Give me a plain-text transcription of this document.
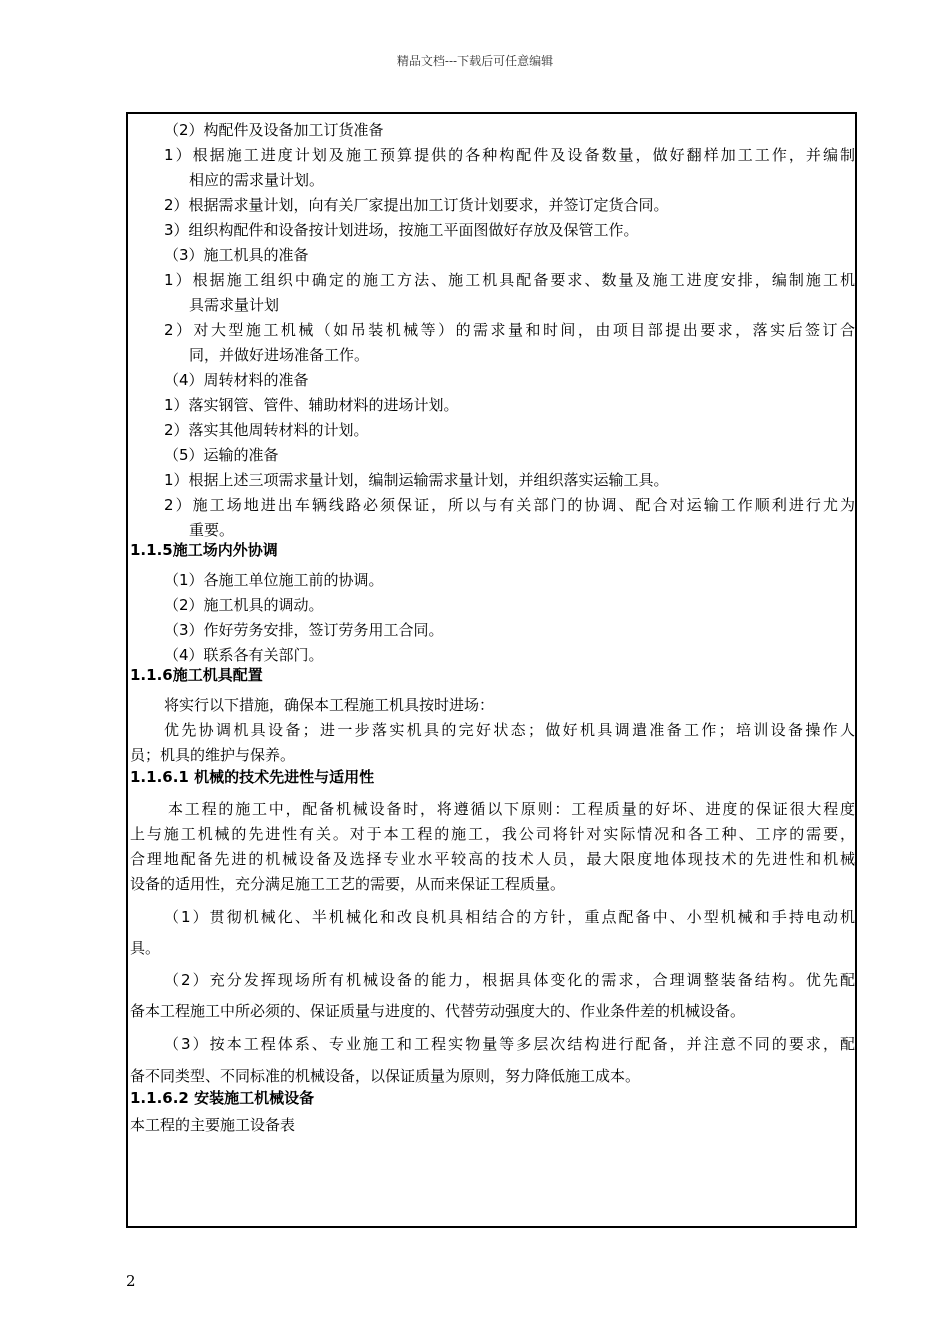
精品文档---下载后可任意编辑
（2）构配件及设备加工订货准备
1）根据施工进度计划及施工预算提供的各种构配件及设备数量，做好翻样加工工作，并编制
相应的需求量计划。
2）根据需求量计划，向有关厂家提出加工订货计划要求，并签订定货合同。
3）组织构配件和设备按计划进场，按施工平面图做好存放及保管工作。
（3）施工机具的准备
1）根据施工组织中确定的施工方法、施工机具配备要求、数量及施工进度安排，编制施工机
具需求量计划
2）对大型施工机械（如吊装机械等）的需求量和时间，由项目部提出要求，落实后签订合
同，并做好进场准备工作。
（4）周转材料的准备
1）落实钢管、管件、辅助材料的进场计划。
2）落实其他周转材料的计划。
（5）运输的准备
1）根据上述三项需求量计划，编制运输需求量计划，并组织落实运输工具。
2）施工场地进出车辆线路必须保证，所以与有关部门的协调、配合对运输工作顺利进行尤为
重要。
1.1.5施工场内外协调
（1）各施工单位施工前的协调。
（2）施工机具的调动。
（3）作好劳务安排，签订劳务用工合同。
（4）联系各有关部门。
1.1.6施工机具配置
将实行以下措施，确保本工程施工机具按时进场：
优先协调机具设备；进一步落实机具的完好状态；做好机具调遣准备工作；培训设备操作人
员；机具的维护与保养。
1.1.6.1 机械的技术先进性与适用性
本工程的施工中，配备机械设备时，将遵循以下原则：工程质量的好坏、进度的保证很大程度
上与施工机械的先进性有关。对于本工程的施工，我公司将针对实际情况和各工种、工序的需要，
合理地配备先进的机械设备及选择专业水平较高的技术人员，最大限度地体现技术的先进性和机械
设备的适用性，充分满足施工工艺的需要，从而来保证工程质量。
（1）贯彻机械化、半机械化和改良机具相结合的方针，重点配备中、小型机械和手持电动机
具。
（2）充分发挥现场所有机械设备的能力，根据具体变化的需求，合理调整装备结构。优先配
备本工程施工中所必须的、保证质量与进度的、代替劳动强度大的、作业条件差的机械设备。
（3）按本工程体系、专业施工和工程实物量等多层次结构进行配备，并注意不同的要求，配
备不同类型、不同标准的机械设备，以保证质量为原则，努力降低施工成本。
1.1.6.2 安装施工机械设备
本工程的主要施工设备表
2
